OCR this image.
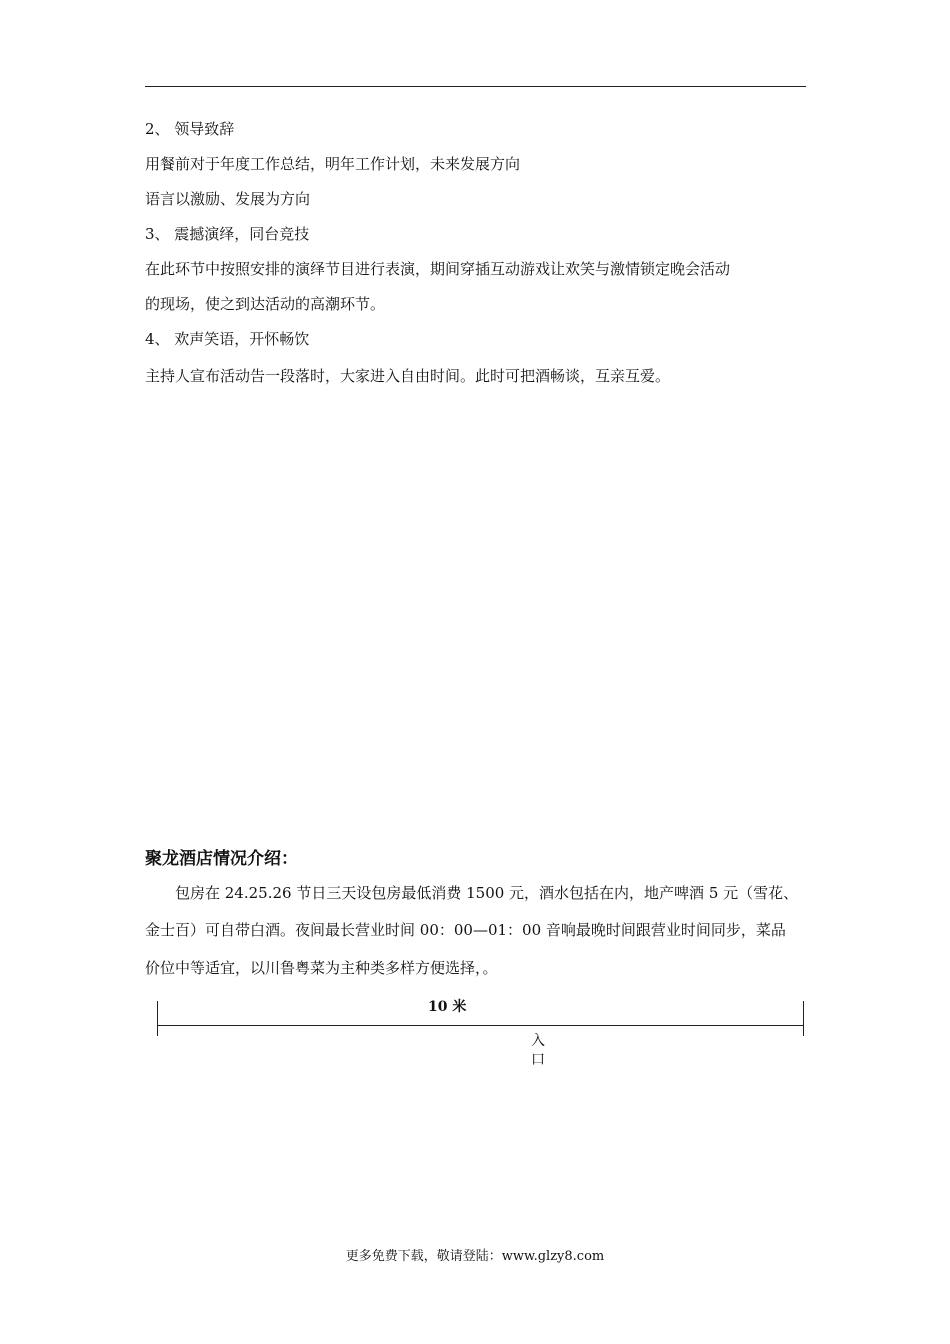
2、 领导致辞
用餐前对于年度工作总结，明年工作计划，未来发展方向
语言以激励、发展为方向
3、 震撼演绎，同台竞技
在此环节中按照安排的演绎节目进行表演，期间穿插互动游戏让欢笑与激情锁定晚会活动
的现场，使之到达活动的高潮环节。
4、 欢声笑语，开怀畅饮
主持人宣布活动告一段落时，大家进入自由时间。此时可把酒畅谈，互亲互爱。
聚龙酒店情况介绍：
包房在 24.25.26 节日三天设包房最低消费 1500 元，酒水包括在内，地产啤酒 5 元（雪花、
金士百）可自带白酒。夜间最长营业时间 00：00—01：00 音响最晚时间跟营业时间同步，菜品
价位中等适宜，以川鲁粤菜为主种类多样方便选择，。
10 米
入
口
更多免费下载，敬请登陆：www.glzy8.com
